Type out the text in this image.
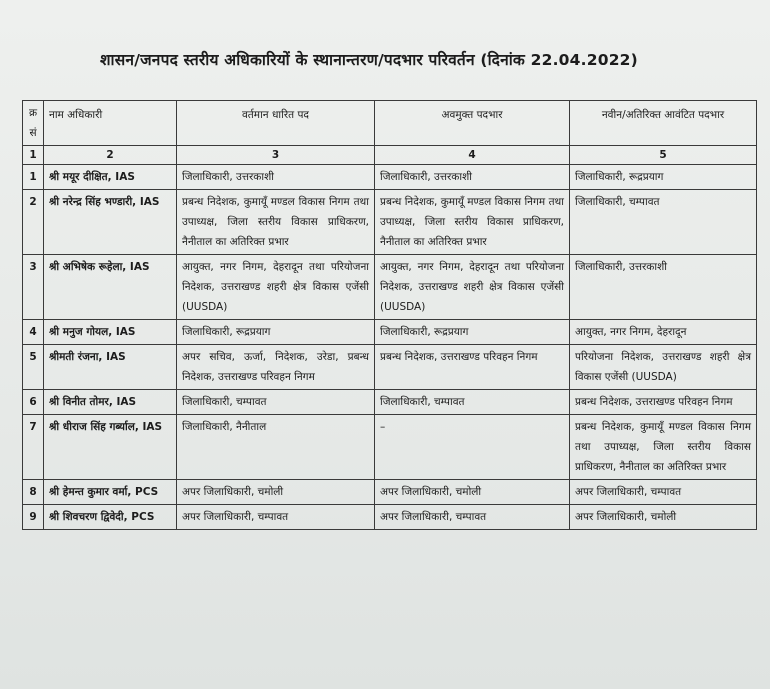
शासन/जनपद स्तरीय अधिकारियों के स्थानान्तरण/पदभार परिवर्तन (दिनांक 22.04.2022)
क्र सं	नाम अधिकारी	वर्तमान धारित पद	अवमुक्त पदभार	नवीन/अतिरिक्त आवंटित पदभार
1	2	3	4	5
1	श्री मयूर दीक्षित, IAS	जिलाधिकारी, उत्तरकाशी	जिलाधिकारी, उत्तरकाशी	जिलाधिकारी, रूद्रप्रयाग
2	श्री नरेन्द्र सिंह भण्डारी, IAS	प्रबन्ध निदेशक, कुमायूँ मण्डल विकास निगम तथा उपाध्यक्ष, जिला स्तरीय विकास प्राधिकरण, नैनीताल का अतिरिक्त प्रभार	प्रबन्ध निदेशक, कुमायूँ मण्डल विकास निगम तथा उपाध्यक्ष, जिला स्तरीय विकास प्राधिकरण, नैनीताल का अतिरिक्त प्रभार	जिलाधिकारी, चम्पावत
3	श्री अभिषेक रूहेला, IAS	आयुक्त, नगर निगम, देहरादून तथा परियोजना निदेशक, उत्तराखण्ड शहरी क्षेत्र विकास एजेंसी (UUSDA)	आयुक्त, नगर निगम, देहरादून तथा परियोजना निदेशक, उत्तराखण्ड शहरी क्षेत्र विकास एजेंसी (UUSDA)	जिलाधिकारी, उत्तरकाशी
4	श्री मनुज गोयल, IAS	जिलाधिकारी, रूद्रप्रयाग	जिलाधिकारी, रूद्रप्रयाग	आयुक्त, नगर निगम, देहरादून
5	श्रीमती रंजना, IAS	अपर सचिव, ऊर्जा, निदेशक, उरेडा, प्रबन्ध निदेशक, उत्तराखण्ड परिवहन निगम	प्रबन्ध निदेशक, उत्तराखण्ड परिवहन निगम	परियोजना निदेशक, उत्तराखण्ड शहरी क्षेत्र विकास एजेंसी (UUSDA)
6	श्री विनीत तोमर, IAS	जिलाधिकारी, चम्पावत	जिलाधिकारी, चम्पावत	प्रबन्ध निदेशक, उत्तराखण्ड परिवहन निगम
7	श्री धीराज सिंह गर्ब्याल, IAS	जिलाधिकारी, नैनीताल	–	प्रबन्ध निदेशक, कुमायूँ मण्डल विकास निगम तथा उपाध्यक्ष, जिला स्तरीय विकास प्राधिकरण, नैनीताल का अतिरिक्त प्रभार
8	श्री हेमन्त कुमार वर्मा, PCS	अपर जिलाधिकारी, चमोली	अपर जिलाधिकारी, चमोली	अपर जिलाधिकारी, चम्पावत
9	श्री शिवचरण द्विवेदी, PCS	अपर जिलाधिकारी, चम्पावत	अपर जिलाधिकारी, चम्पावत	अपर जिलाधिकारी, चमोली
